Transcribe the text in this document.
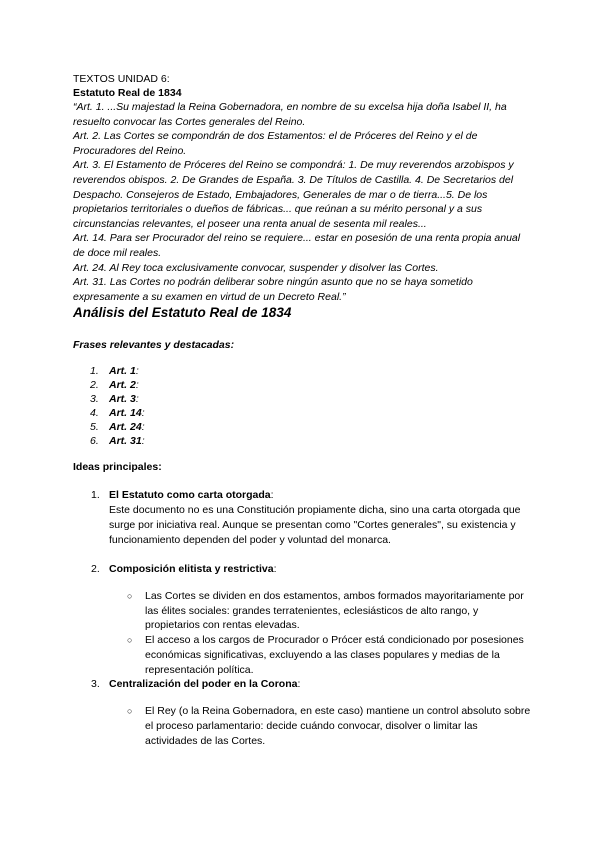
TEXTOS UNIDAD 6:
Estatuto Real de 1834

“Art. 1. ...Su majestad la Reina Gobernadora, en nombre de su excelsa hija doña Isabel II, ha resuelto convocar las Cortes generales del Reino.

Art. 2. Las Cortes se compondrán de dos Estamentos: el de Próceres del Reino y el de Procuradores del Reino.

Art. 3. El Estamento de Próceres del Reino se compondrá: 1. De muy reverendos arzobispos y reverendos obispos. 2. De Grandes de España. 3. De Títulos de Castilla. 4. De Secretarios del Despacho. Consejeros de Estado, Embajadores, Generales de mar o de tierra...5. De los propietarios territoriales o dueños de fábricas... que reúnan a su mérito personal y a sus circunstancias relevantes, el poseer una renta anual de sesenta mil reales...

Art. 14. Para ser Procurador del reino se requiere... estar en posesión de una renta propia anual de doce mil reales.

Art. 24. Al Rey toca exclusivamente convocar, suspender y disolver las Cortes.

Art. 31. Las Cortes no podrán deliberar sobre ningún asunto que no se haya sometido expresamente a su examen en virtud de un Decreto Real.”

Análisis del Estatuto Real de 1834
Frases relevantes y destacadas:
1. Art. 1:
2. Art. 2:
3. Art. 3:
4. Art. 14:
5. Art. 24:
6. Art. 31:
Ideas principales:
1. El Estatuto como carta otorgada:

Este documento no es una Constitución propiamente dicha, sino una carta otorgada que surge por iniciativa real. Aunque se presentan como "Cortes generales", su existencia y funcionamiento dependen del poder y voluntad del monarca.

2. Composición elitista y restrictiva:
○ Las Cortes se dividen en dos estamentos, ambos formados mayoritariamente por las élites sociales: grandes terratenientes, eclesiásticos de alto rango, y propietarios con rentas elevadas.
○ El acceso a los cargos de Procurador o Prócer está condicionado por posesiones económicas significativas, excluyendo a las clases populares y medias de la representación política.
3. Centralización del poder en la Corona:
○ El Rey (o la Reina Gobernadora, en este caso) mantiene un control absoluto sobre el proceso parlamentario: decide cuándo convocar, disolver o limitar las actividades de las Cortes.
